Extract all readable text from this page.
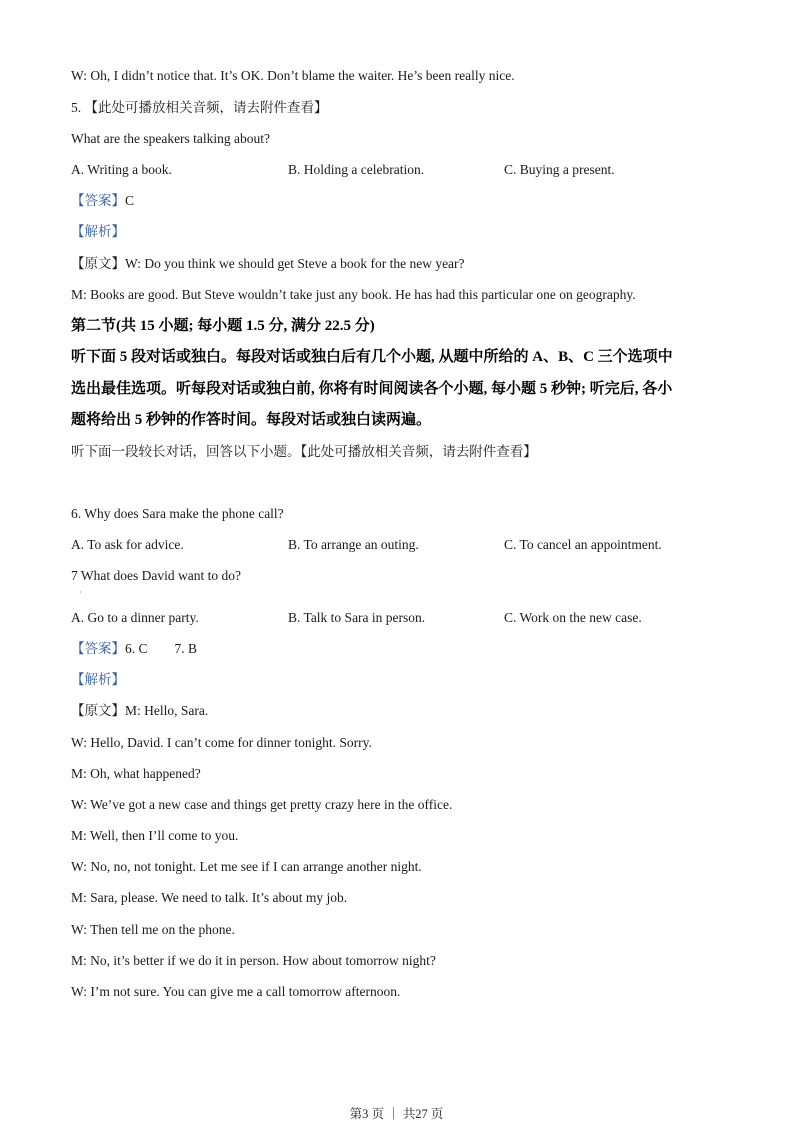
W: Oh, I didn’t notice that. It’s OK. Don’t blame the waiter. He’s been really nice.
5. 【此处可播放相关音频，请去附件查看】
What are the speakers talking about?
A. Writing a book.	B. Holding a celebration.	C. Buying a present.
【答案】C
【解析】
【原文】W: Do you think we should get Steve a book for the new year?
M: Books are good. But Steve wouldn’t take just any book. He has had this particular one on geography.
第二节(共 15 小题; 每小题 1.5 分, 满分 22.5 分)
听下面 5 段对话或独白。每段对话或独白后有几个小题, 从题中所给的 A、B、C 三个选项中
选出最佳选项。听每段对话或独白前, 你将有时间阅读各个小题, 每小题 5 秒钟; 听完后, 各小
题将给出 5 秒钟的作答时间。每段对话或独白读两遍。
听下面一段较长对话，回答以下小题。【此处可播放相关音频，请去附件查看】
6. Why does Sara make the phone call?
A. To ask for advice.	B. To arrange an outing.	C. To cancel an appointment.
7 What does David want to do?
·
A. Go to a dinner party.	B. Talk to Sara in person.	C. Work on the new case.
【答案】6. C        7. B
【解析】
【原文】M: Hello, Sara.
W: Hello, David. I can’t come for dinner tonight. Sorry.
M: Oh, what happened?
W: We’ve got a new case and things get pretty crazy here in the office.
M: Well, then I’ll come to you.
W: No, no, not tonight. Let me see if I can arrange another night.
M: Sara, please. We need to talk. It’s about my job.
W: Then tell me on the phone.
M: No, it’s better if we do it in person. How about tomorrow night?
W: I’m not sure. You can give me a call tomorrow afternoon.
第3 页 ｜ 共27 页
